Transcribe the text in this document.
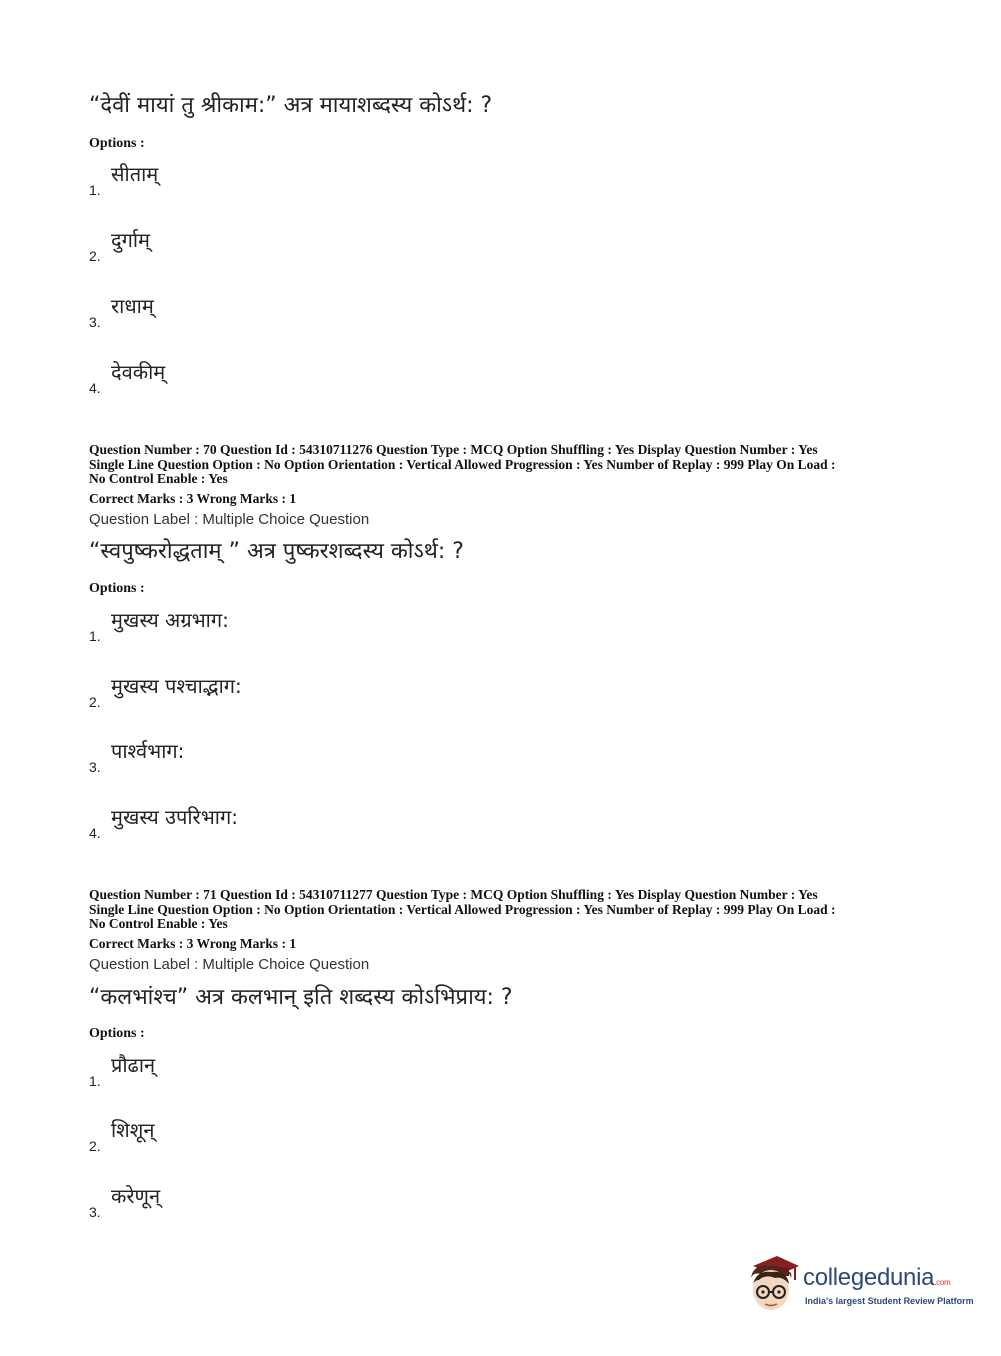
“देवीं मायां तु श्रीकाम:” अत्र मायाशब्दस्य कोऽर्थ: ?
Options :
1.
सीताम्
2.
दुर्गाम्
3.
राधाम्
4.
देवकीम्
Question Number : 70 Question Id : 54310711276 Question Type : MCQ Option Shuffling : Yes Display Question Number : Yes
Single Line Question Option : No Option Orientation : Vertical Allowed Progression : Yes Number of Replay : 999 Play On Load :
No Control Enable : Yes
Correct Marks : 3 Wrong Marks : 1
Question Label : Multiple Choice Question
“स्वपुष्करोद्धताम् ” अत्र पुष्करशब्दस्य कोऽर्थ: ?
Options :
1.
मुखस्य अग्रभाग:
2.
मुखस्य पश्चाद्भाग:
3.
पार्श्वभाग:
4.
मुखस्य उपरिभाग:
Question Number : 71 Question Id : 54310711277 Question Type : MCQ Option Shuffling : Yes Display Question Number : Yes
Single Line Question Option : No Option Orientation : Vertical Allowed Progression : Yes Number of Replay : 999 Play On Load :
No Control Enable : Yes
Correct Marks : 3 Wrong Marks : 1
Question Label : Multiple Choice Question
“कलभांश्च” अत्र कलभान् इति शब्दस्य कोऽभिप्राय: ?
Options :
1.
प्रौढान्
2.
शिशून्
3.
करेणून्
collegedunia.com
India's largest Student Review Platform
